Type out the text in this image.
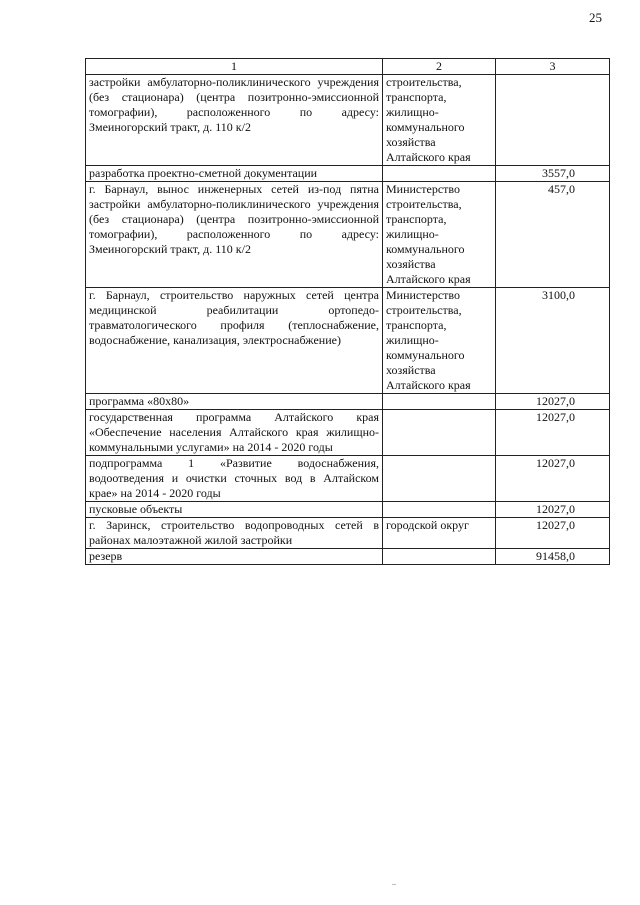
25
1	2	3
застройки амбулаторно-поликлинического учреждения (без стационара) (центра позитронно-эмиссионной томографии), расположенного по адресу: Змеиногорский тракт, д. 110 к/2	строительства, транспорта, жилищно-коммунального хозяйства Алтайского края	
разработка проектно-сметной документации		3557,0
г. Барнаул, вынос инженерных сетей из-под пятна застройки амбулаторно-поликлинического учреждения (без стационара) (центра позитронно-эмиссионной томографии), расположенного по адресу: Змеиногорский тракт, д. 110 к/2	Министерство строительства, транспорта, жилищно-коммунального хозяйства Алтайского края	457,0
г. Барнаул, строительство наружных сетей центра медицинской реабилитации ортопедо-травматологического профиля (теплоснабжение, водоснабжение, канализация, электроснабжение)	Министерство строительства, транспорта, жилищно-коммунального хозяйства Алтайского края	3100,0
программа «80x80»		12027,0
государственная программа Алтайского края «Обеспечение населения Алтайского края жилищно-коммунальными услугами» на 2014 - 2020 годы		12027,0
подпрограмма 1 «Развитие водоснабжения, водоотведения и очистки сточных вод в Алтайском крае» на 2014 - 2020 годы		12027,0
пусковые объекты		12027,0
г. Заринск, строительство водопроводных сетей в районах малоэтажной жилой застройки	городской округ	12027,0
резерв		91458,0
..
